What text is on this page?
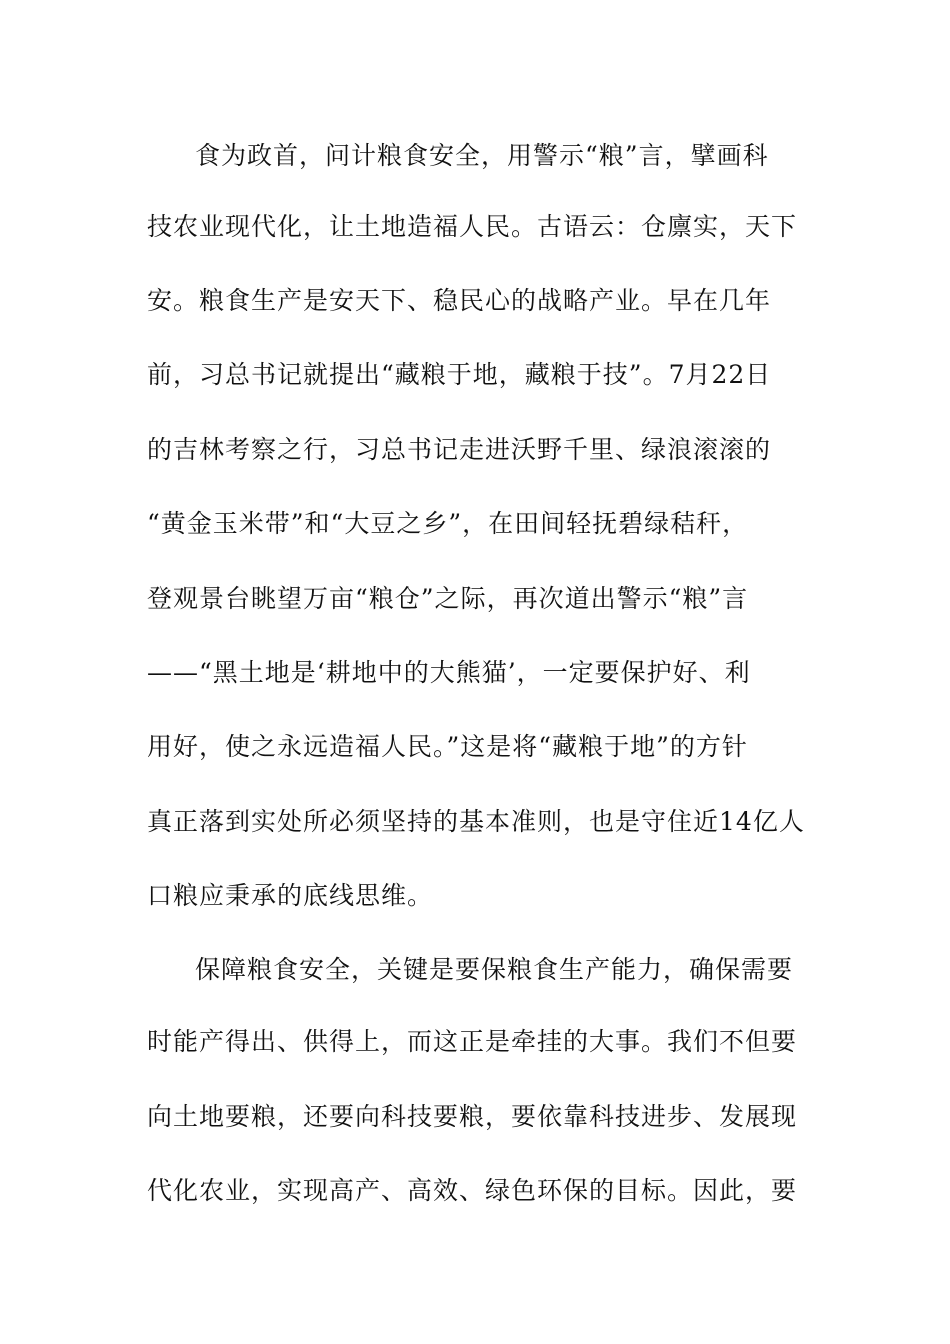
食为政首，问计粮食安全，用警示“粮”言，擘画科
技农业现代化，让土地造福人民。古语云：仓廪实，天下
安。粮食生产是安天下、稳民心的战略产业。早在几年
前，习总书记就提出“藏粮于地，藏粮于技”。7月22日
的吉林考察之行，习总书记走进沃野千里、绿浪滚滚的
“黄金玉米带”和“大豆之乡”，在田间轻抚碧绿秸秆，
登观景台眺望万亩“粮仓”之际，再次道出警示“粮”言
——“黑土地是‘耕地中的大熊猫’，一定要保护好、利
用好，使之永远造福人民。”这是将“藏粮于地”的方针
真正落到实处所必须坚持的基本准则，也是守住近14亿人
口粮应秉承的底线思维。
保障粮食安全，关键是要保粮食生产能力，确保需要
时能产得出、供得上，而这正是牵挂的大事。我们不但要
向土地要粮，还要向科技要粮，要依靠科技进步、发展现
代化农业，实现高产、高效、绿色环保的目标。因此，要
